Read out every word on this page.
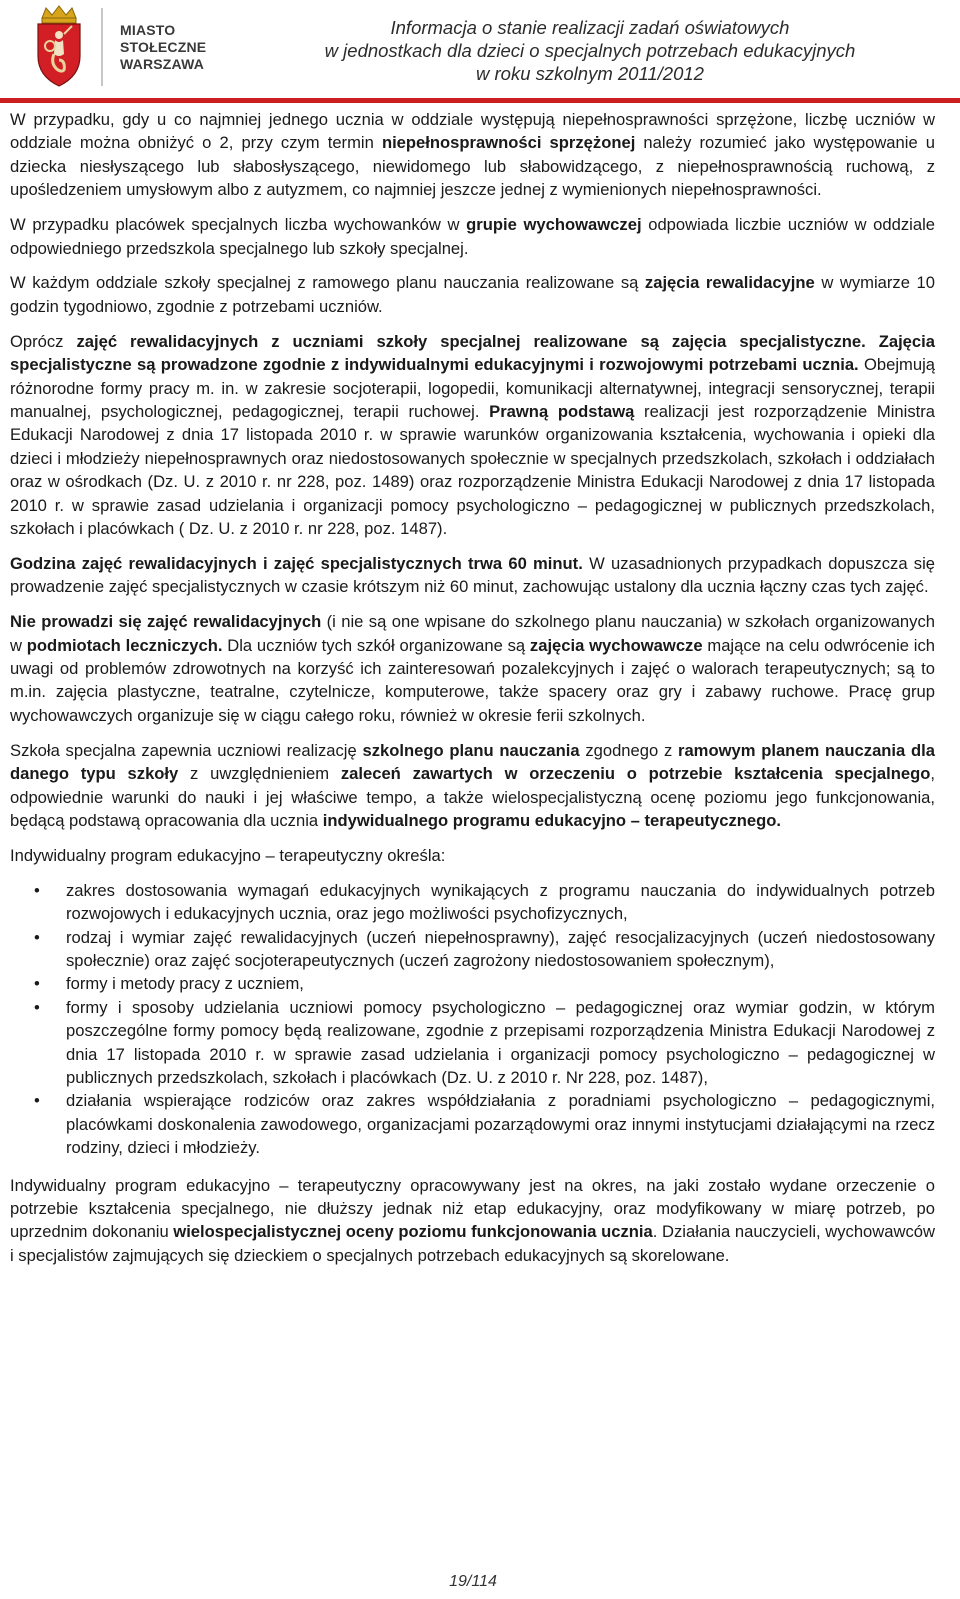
MIASTO
STOŁECZNE
WARSZAWA
Informacja o stanie realizacji zadań oświatowych
w jednostkach dla dzieci o specjalnych potrzebach edukacyjnych
w roku szkolnym 2011/2012

W przypadku, gdy u co najmniej jednego ucznia w oddziale występują niepełnosprawności sprzężone, liczbę uczniów w oddziale można obniżyć o 2, przy czym termin niepełnosprawności sprzężonej należy rozumieć jako występowanie u dziecka niesłyszącego lub słabosłyszącego, niewidomego lub słabowidzącego, z niepełnosprawnością ruchową, z upośledzeniem umysłowym albo z autyzmem, co najmniej jeszcze jednej z wymienionych niepełnosprawności.

W przypadku placówek specjalnych liczba wychowanków w grupie wychowawczej odpowiada liczbie uczniów w oddziale odpowiedniego przedszkola specjalnego lub szkoły specjalnej.

W każdym oddziale szkoły specjalnej z ramowego planu nauczania realizowane są zajęcia rewalidacyjne w wymiarze 10 godzin tygodniowo, zgodnie z potrzebami uczniów.

Oprócz zajęć rewalidacyjnych z uczniami szkoły specjalnej realizowane są zajęcia specjalistyczne. Zajęcia specjalistyczne są prowadzone zgodnie z indywidualnymi edukacyjnymi i rozwojowymi potrzebami ucznia. Obejmują różnorodne formy pracy m. in. w zakresie socjoterapii, logopedii, komunikacji alternatywnej, integracji sensorycznej, terapii manualnej, psychologicznej, pedagogicznej, terapii ruchowej. Prawną podstawą realizacji jest rozporządzenie Ministra Edukacji Narodowej z dnia 17 listopada 2010 r. w sprawie warunków organizowania kształcenia, wychowania i opieki dla dzieci i młodzieży niepełnosprawnych oraz niedostosowanych społecznie w specjalnych przedszkolach, szkołach i oddziałach oraz w ośrodkach (Dz. U. z 2010 r. nr 228, poz. 1489) oraz rozporządzenie Ministra Edukacji Narodowej z dnia 17 listopada 2010 r. w sprawie zasad udzielania i organizacji pomocy psychologiczno – pedagogicznej w publicznych przedszkolach, szkołach i placówkach ( Dz. U. z 2010 r. nr 228, poz. 1487).

Godzina zajęć rewalidacyjnych i zajęć specjalistycznych trwa 60 minut. W uzasadnionych przypadkach dopuszcza się prowadzenie zajęć specjalistycznych w czasie krótszym niż 60 minut, zachowując ustalony dla ucznia łączny czas tych zajęć.

Nie prowadzi się zajęć rewalidacyjnych (i nie są one wpisane do szkolnego planu nauczania) w szkołach organizowanych w podmiotach leczniczych. Dla uczniów tych szkół organizowane są zajęcia wychowawcze mające na celu odwrócenie ich uwagi od problemów zdrowotnych na korzyść ich zainteresowań pozalekcyjnych i zajęć o walorach terapeutycznych; są to m.in. zajęcia plastyczne, teatralne, czytelnicze, komputerowe, także spacery oraz gry i zabawy ruchowe. Pracę grup wychowawczych organizuje się w ciągu całego roku, również w okresie ferii szkolnych.

Szkoła specjalna zapewnia uczniowi realizację szkolnego planu nauczania zgodnego z ramowym planem nauczania dla danego typu szkoły z uwzględnieniem zaleceń zawartych w orzeczeniu o potrzebie kształcenia specjalnego, odpowiednie warunki do nauki i jej właściwe tempo, a także wielospecjalistyczną ocenę poziomu jego funkcjonowania, będącą podstawą opracowania dla ucznia indywidualnego programu edukacyjno – terapeutycznego.

Indywidualny program edukacyjno – terapeutyczny określa:

• zakres dostosowania wymagań edukacyjnych wynikających z programu nauczania do indywidualnych potrzeb rozwojowych i edukacyjnych ucznia, oraz jego możliwości psychofizycznych,
• rodzaj i wymiar zajęć rewalidacyjnych (uczeń niepełnosprawny), zajęć resocjalizacyjnych (uczeń niedostosowany społecznie) oraz zajęć socjoterapeutycznych (uczeń zagrożony niedostosowaniem społecznym),
• formy i metody pracy z uczniem,
• formy i sposoby udzielania uczniowi pomocy psychologiczno – pedagogicznej oraz wymiar godzin, w którym poszczególne formy pomocy będą realizowane, zgodnie z przepisami rozporządzenia Ministra Edukacji Narodowej z dnia 17 listopada 2010 r. w sprawie zasad udzielania i organizacji pomocy psychologiczno – pedagogicznej w publicznych przedszkolach, szkołach i placówkach (Dz. U. z 2010 r. Nr 228, poz. 1487),
• działania wspierające rodziców oraz zakres współdziałania z poradniami psychologiczno – pedagogicznymi, placówkami doskonalenia zawodowego, organizacjami pozarządowymi oraz innymi instytucjami działającymi na rzecz rodziny, dzieci i młodzieży.

Indywidualny program edukacyjno – terapeutyczny opracowywany jest na okres, na jaki zostało wydane orzeczenie o potrzebie kształcenia specjalnego, nie dłuższy jednak niż etap edukacyjny, oraz modyfikowany w miarę potrzeb, po uprzednim dokonaniu wielospecjalistycznej oceny poziomu funkcjonowania ucznia. Działania nauczycieli, wychowawców i specjalistów zajmujących się dzieckiem o specjalnych potrzebach edukacyjnych są skorelowane.

19/114
